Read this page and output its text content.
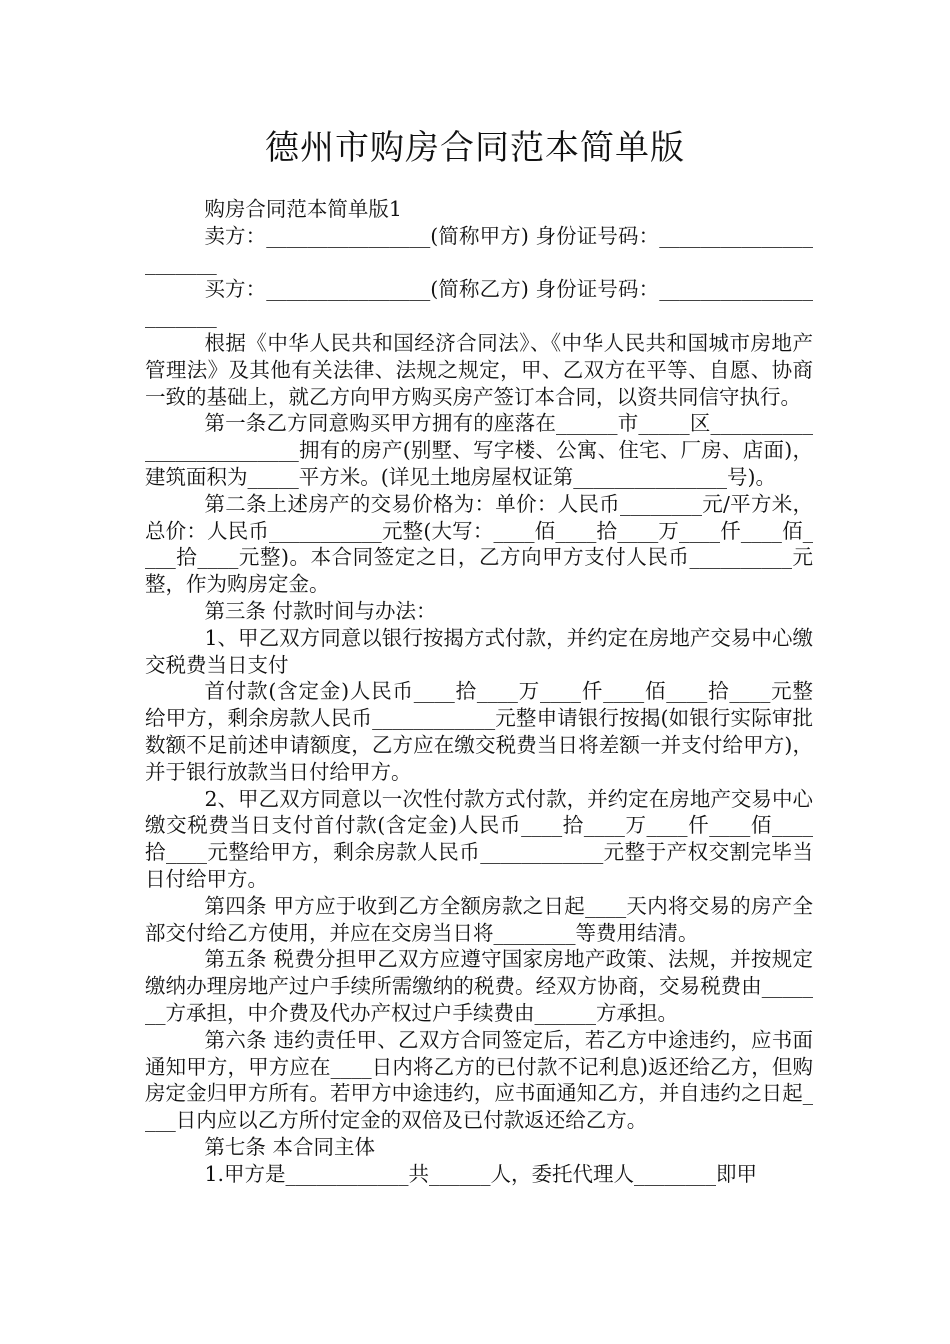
德州市购房合同范本简单版

购房合同范本简单版1

卖方：________________(简称甲方) 身份证号码：______________________

买方：________________(简称乙方) 身份证号码：______________________

根据《中华人民共和国经济合同法》、《中华人民共和国城市房地产管理法》及其他有关法律、法规之规定，甲、乙双方在平等、自愿、协商一致的基础上，就乙方向甲方购买房产签订本合同，以资共同信守执行。

第一条乙方同意购买甲方拥有的座落在______市_____区_________________________拥有的房产(别墅、写字楼、公寓、住宅、厂房、店面)，建筑面积为_____平方米。(详见土地房屋权证第_______________号)。

第二条上述房产的交易价格为：单价：人民币________元/平方米，总价：人民币___________元整(大写：____佰____拾____万____仟____佰____拾____元整)。本合同签定之日，乙方向甲方支付人民币__________元整，作为购房定金。

第三条 付款时间与办法：

1、甲乙双方同意以银行按揭方式付款，并约定在房地产交易中心缴交税费当日支付

首付款(含定金)人民币____拾____万____仟____佰____拾____元整给甲方，剩余房款人民币____________元整申请银行按揭(如银行实际审批数额不足前述申请额度，乙方应在缴交税费当日将差额一并支付给甲方)，并于银行放款当日付给甲方。

2、甲乙双方同意以一次性付款方式付款，并约定在房地产交易中心缴交税费当日支付首付款(含定金)人民币____拾____万____仟____佰____拾____元整给甲方，剩余房款人民币____________元整于产权交割完毕当日付给甲方。

第四条 甲方应于收到乙方全额房款之日起____天内将交易的房产全部交付给乙方使用，并应在交房当日将________等费用结清。

第五条 税费分担甲乙双方应遵守国家房地产政策、法规，并按规定缴纳办理房地产过户手续所需缴纳的税费。经双方协商，交易税费由_______方承担，中介费及代办产权过户手续费由______方承担。

第六条 违约责任甲、乙双方合同签定后，若乙方中途违约，应书面通知甲方，甲方应在____日内将乙方的已付款不记利息)返还给乙方，但购房定金归甲方所有。若甲方中途违约，应书面通知乙方，并自违约之日起____日内应以乙方所付定金的双倍及已付款返还给乙方。

第七条 本合同主体

1.甲方是____________共______人，委托代理人________即甲
